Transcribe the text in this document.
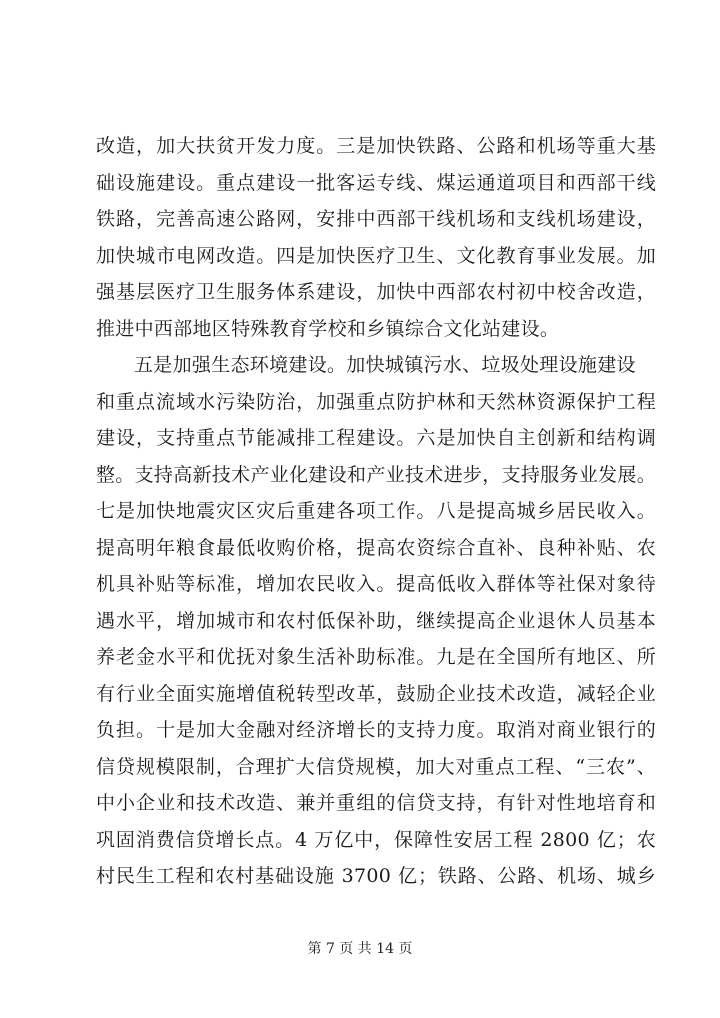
改造，加大扶贫开发力度。三是加快铁路、公路和机场等重大基
础设施建设。重点建设一批客运专线、煤运通道项目和西部干线
铁路，完善高速公路网，安排中西部干线机场和支线机场建设，
加快城市电网改造。四是加快医疗卫生、文化教育事业发展。加
强基层医疗卫生服务体系建设，加快中西部农村初中校舍改造，
推进中西部地区特殊教育学校和乡镇综合文化站建设。
五是加强生态环境建设。加快城镇污水、垃圾处理设施建设
和重点流域水污染防治，加强重点防护林和天然林资源保护工程
建设，支持重点节能减排工程建设。六是加快自主创新和结构调
整。支持高新技术产业化建设和产业技术进步，支持服务业发展。
七是加快地震灾区灾后重建各项工作。八是提高城乡居民收入。
提高明年粮食最低收购价格，提高农资综合直补、良种补贴、农
机具补贴等标准，增加农民收入。提高低收入群体等社保对象待
遇水平，增加城市和农村低保补助，继续提高企业退休人员基本
养老金水平和优抚对象生活补助标准。九是在全国所有地区、所
有行业全面实施增值税转型改革，鼓励企业技术改造，减轻企业
负担。十是加大金融对经济增长的支持力度。取消对商业银行的
信贷规模限制，合理扩大信贷规模，加大对重点工程、“三农”、
中小企业和技术改造、兼并重组的信贷支持，有针对性地培育和
巩固消费信贷增长点。4 万亿中，保障性安居工程 2800 亿；农
村民生工程和农村基础设施 3700 亿；铁路、公路、机场、城乡
第 7 页 共 14 页
